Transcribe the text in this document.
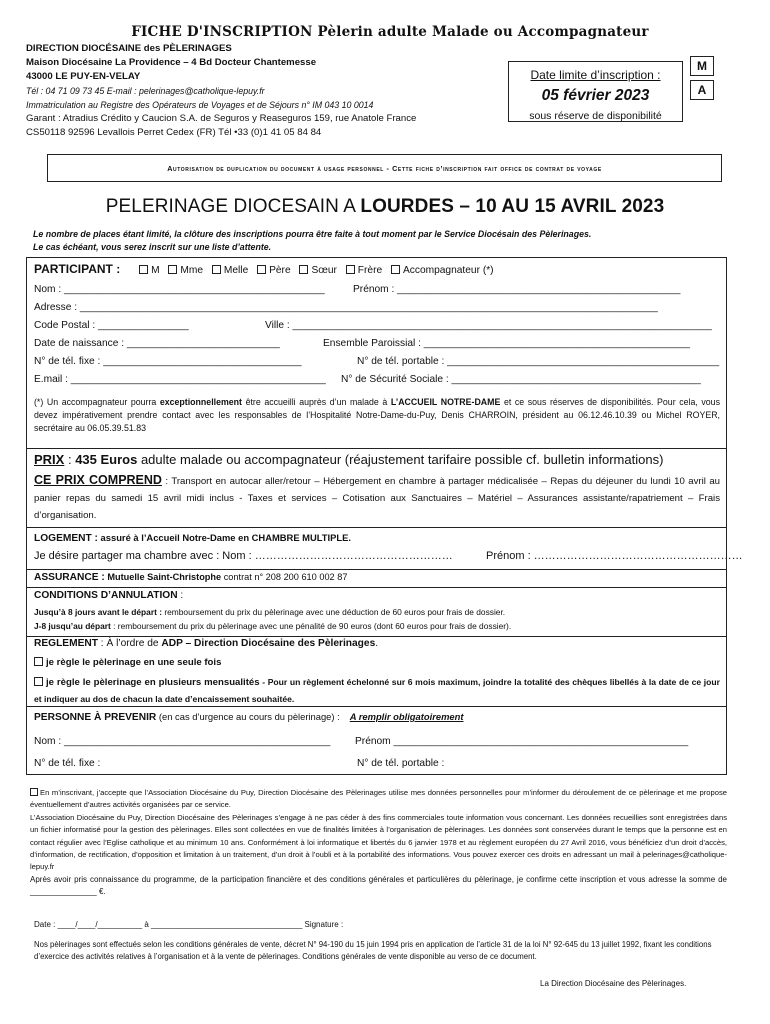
FICHE D'INSCRIPTION Pèlerin adulte Malade ou Accompagnateur
DIRECTION DIOCÉSAINE des PÈLERINAGES
Maison Diocésaine La Providence – 4 Bd Docteur Chantemesse
43000 LE PUY-EN-VELAY
Tél : 04 71 09 73 45 E-mail : pelerinages@catholique-lepuy.fr
Immatriculation au Registre des Opérateurs de Voyages et de Séjours n° IM 043 10 0014
Garant : Atradius Crédito y Caucion S.A. de Seguros y Reaseguros 159, rue Anatole France
CS50118 92596 Levallois Perret Cedex (FR) Tél •33 (0)1 41 05 84 84
Date limite d’inscription :
05 février 2023
sous réserve de disponibilité
M
A
Autorisation de duplication du document à usage personnel - Cette fiche d’inscription fait office de contrat de voyage
PELERINAGE DIOCESAIN A LOURDES – 10 AU 15 AVRIL 2023
Le nombre de places étant limité, la clôture des inscriptions pourra être faite à tout moment par le Service Diocésain des Pèlerinages.
Le cas échéant, vous serez inscrit sur une liste d’attente.
PARTICIPANT :	M Mme Melle Père Sœur Frère Accompagnateur (*)
Nom : ______________________________________________	Prénom : __________________________________________________
Adresse : ______________________________________________________________________________________________________
Code Postal : ________________	Ville : __________________________________________________________________________
Date de naissance : ___________________________	Ensemble Paroissial : _______________________________________________
N° de tél. fixe : ___________________________________	N° de tél. portable : ________________________________________________
E.mail : _____________________________________________ N° de Sécurité Sociale : ____________________________________________
(*) Un accompagnateur pourra exceptionnellement être accueilli auprès d’un malade à L’ACCUEIL NOTRE-DAME et ce sous réserves de disponibilités. Pour cela, vous devez impérativement prendre contact avec les responsables de l’Hospitalité Notre-Dame-du-Puy, Denis CHARROIN, président au 06.12.46.10.39 ou Michel ROYER, secrétaire au 06.05.39.51.83
PRIX : 435 Euros adulte malade ou accompagnateur (réajustement tarifaire possible cf. bulletin informations)
CE PRIX COMPREND : Transport en autocar aller/retour – Hébergement en chambre à partager médicalisée – Repas du déjeuner du lundi 10 avril au panier repas du samedi 15 avril midi inclus - Taxes et services – Cotisation aux Sanctuaires – Matériel – Assurances assistante/rapatriement – Frais d’organisation.
LOGEMENT : assuré à l’Accueil Notre-Dame en CHAMBRE MULTIPLE.
Je désire partager ma chambre avec : Nom : ………………………………………………	Prénom : …………………………………………………
ASSURANCE : Mutuelle Saint-Christophe contrat n° 208 200 610 002 87
CONDITIONS D’ANNULATION :
Jusqu’à 8 jours avant le départ : remboursement du prix du pèlerinage avec une déduction de 60 euros pour frais de dossier.
J-8 jusqu’au départ : remboursement du prix du pèlerinage avec une pénalité de 90 euros (dont 60 euros pour frais de dossier).
REGLEMENT : À l’ordre de ADP – Direction Diocésaine des Pèlerinages.
je règle le pèlerinage en une seule fois
je règle le pèlerinage en plusieurs mensualités - Pour un règlement échelonné sur 6 mois maximum, joindre la totalité des chèques libellés à la date de ce jour et indiquer au dos de chacun la date d’encaissement souhaitée.
PERSONNE À PREVENIR (en cas d’urgence au cours du pèlerinage) : A remplir obligatoirement
Nom : _______________________________________________ Prénom ____________________________________________________
N° de tél. fixe :	N° de tél. portable :

En m’inscrivant, j’accepte que l’Association Diocésaine du Puy, Direction Diocésaine des Pèlerinages utilise mes données personnelles pour m’informer du déroulement de ce pèlerinage et me propose éventuellement d’autres activités organisées par ce service.

L’Association Diocésaine du Puy, Direction Diocésaine des Pèlerinages s’engage à ne pas céder à des fins commerciales toute information vous concernant. Les données recueillies sont enregistrées dans un fichier informatisé pour la gestion des pèlerinages. Elles sont collectées en vue de finalités limitées à l’organisation de pèlerinages. Les données sont conservées durant le temps que la personne est en contact régulier avec l’Eglise catholique et au minimum 10 ans. Conformément à loi informatique et libertés du 6 janvier 1978 et au règlement européen du 27 Avril 2016, vous bénéficiez d’un droit d’accès, d’information, de rectification, d’opposition et limitation à un traitement, d’un droit à l’oubli et à la portabilité des informations. Vous pouvez exercer ces droits en adressant un mail à pelerinages@catholique-lepuy.fr

Après avoir pris connaissance du programme, de la participation financière et des conditions générales et particulières du pèlerinage, je confirme cette inscription et vous adresse la somme de _______________ €.

Date : ____/____/__________ à __________________________________ Signature :
Nos pèlerinages sont effectués selon les conditions générales de vente, décret N° 94-190 du 15 juin 1994 pris en application de l’article 31 de la loi N° 92-645 du 13 juillet 1992, fixant les conditions d’exercice des activités relatives à l’organisation et à la vente de pèlerinages. Conditions générales de vente disponible au verso de ce document.
La Direction Diocésaine des Pèlerinages.
